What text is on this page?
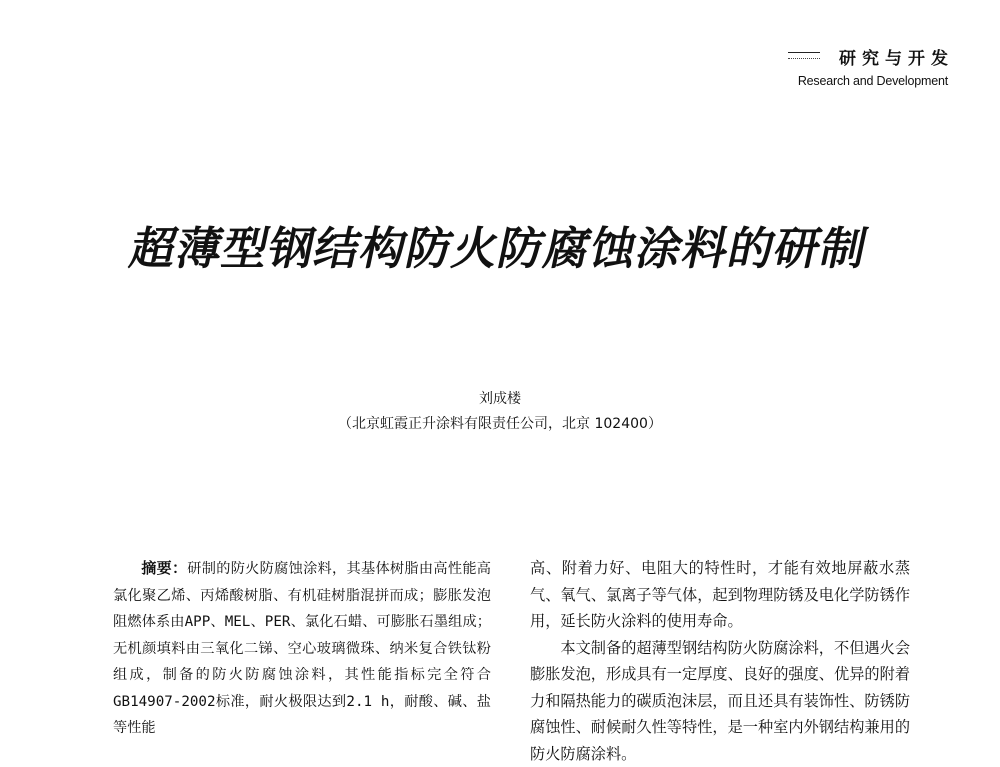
研究与开发
Research and Development
超薄型钢结构防火防腐蚀涂料的研制
刘成楼
（北京虹霞正升涂料有限责任公司，北京 102400）

摘要：研制的防火防腐蚀涂料，其基体树脂由高性能高氯化聚乙烯、丙烯酸树脂、有机硅树脂混拼而成；膨胀发泡阻燃体系由APP、MEL、PER、氯化石蜡、可膨胀石墨组成；无机颜填料由三氧化二锑、空心玻璃微珠、纳米复合铁钛粉组成，制备的防火防腐蚀涂料，其性能指标完全符合GB14907-2002标准，耐火极限达到2.1 h，耐酸、碱、盐等性能

高、附着力好、电阻大的特性时，才能有效地屏蔽水蒸气、氧气、氯离子等气体，起到物理防锈及电化学防锈作用，延长防火涂料的使用寿命。

本文制备的超薄型钢结构防火防腐涂料，不但遇火会膨胀发泡，形成具有一定厚度、良好的强度、优异的附着力和隔热能力的碳质泡沫层，而且还具有装饰性、防锈防腐蚀性、耐候耐久性等特性，是一种室内外钢结构兼用的防火防腐涂料。
